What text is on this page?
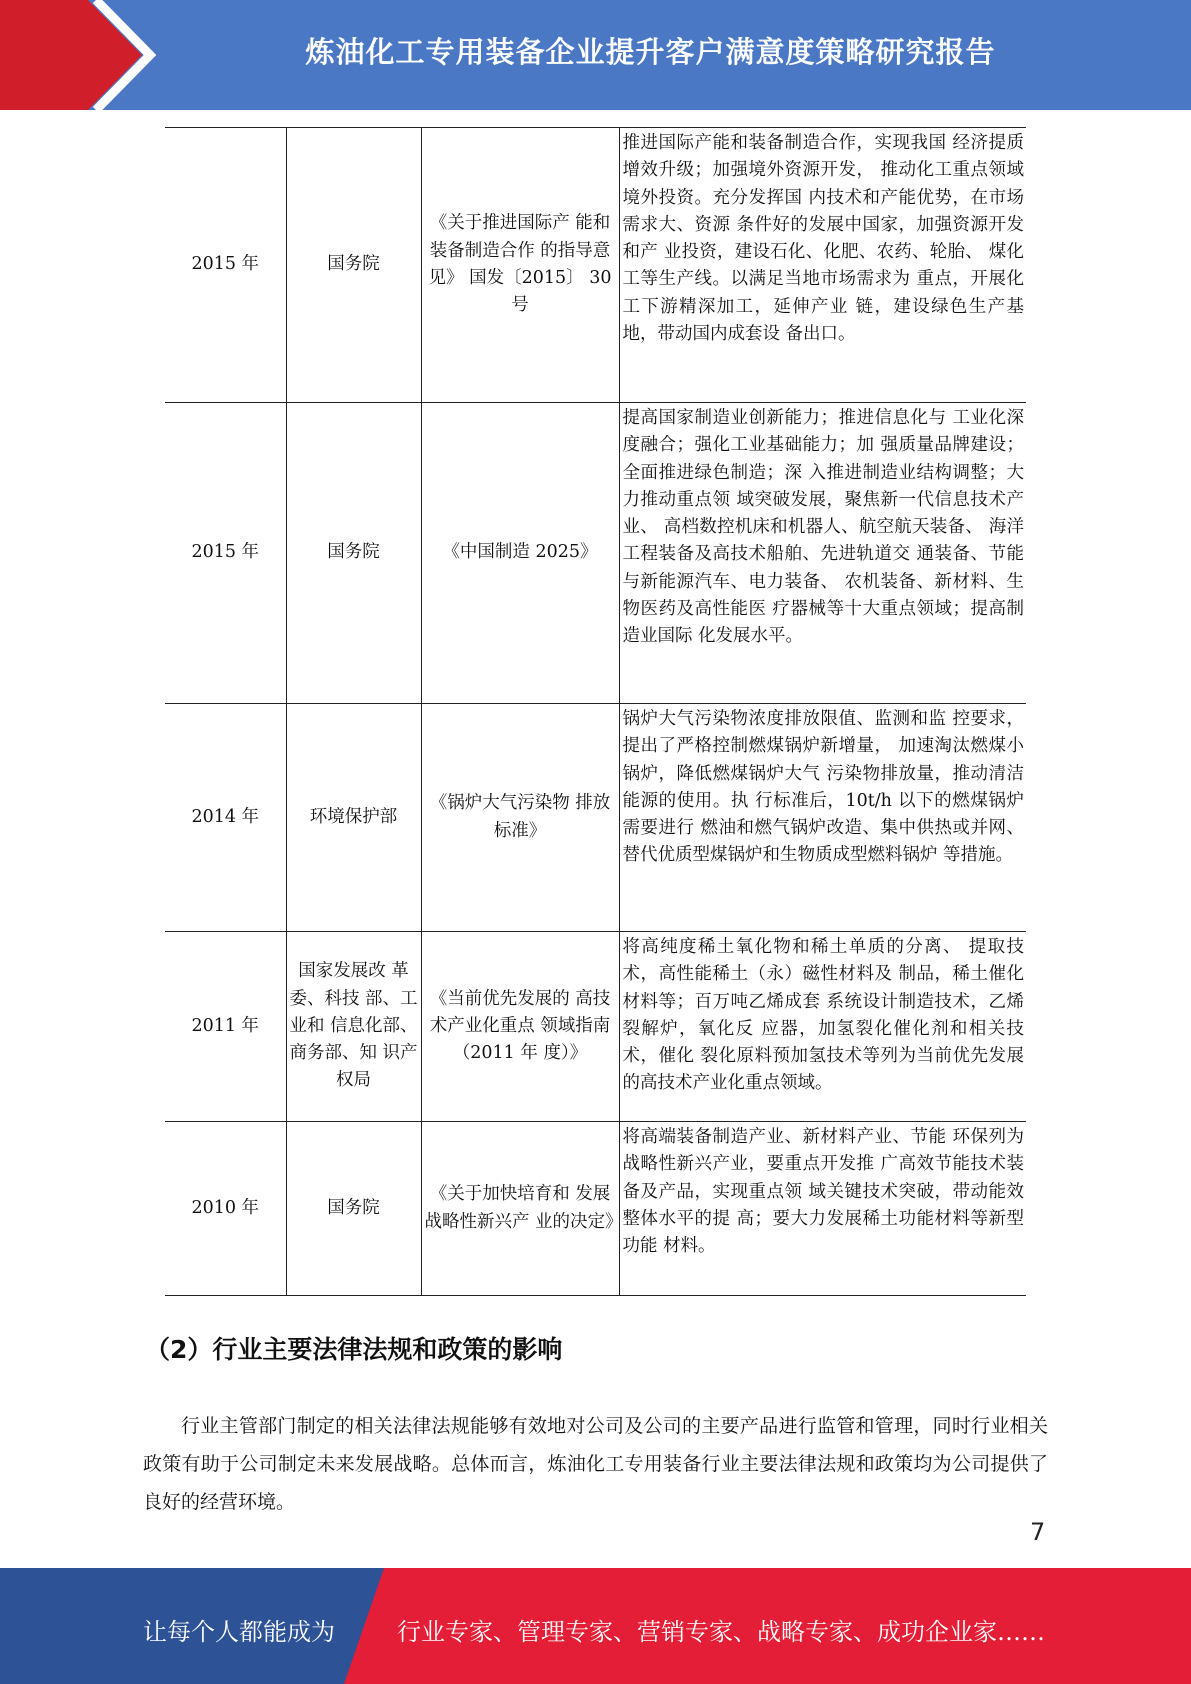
炼油化工专用装备企业提升客户满意度策略研究报告
2015 年	国务院	《关于推进国际产 能和装备制造合作 的指导意见》 国发〔2015〕 30 号	推进国际产能和装备制造合作，实现我国 经济提质增效升级；加强境外资源开发， 推动化工重点领域境外投资。充分发挥国 内技术和产能优势，在市场需求大、资源 条件好的发展中国家，加强资源开发和产 业投资，建设石化、化肥、农药、轮胎、 煤化工等生产线。以满足当地市场需求为 重点，开展化工下游精深加工，延伸产业 链，建设绿色生产基地，带动国内成套设 备出口。
2015 年	国务院	《中国制造 2025》	提高国家制造业创新能力；推进信息化与 工业化深度融合；强化工业基础能力；加 强质量品牌建设；全面推进绿色制造；深 入推进制造业结构调整；大力推动重点领 域突破发展，聚焦新一代信息技术产业、 高档数控机床和机器人、航空航天装备、 海洋工程装备及高技术船舶、先进轨道交 通装备、节能与新能源汽车、电力装备、 农机装备、新材料、生物医药及高性能医 疗器械等十大重点领域；提高制造业国际 化发展水平。
2014 年	环境保护部	《锅炉大气污染物 排放标准》	锅炉大气污染物浓度排放限值、监测和监 控要求，提出了严格控制燃煤锅炉新增量， 加速淘汰燃煤小锅炉，降低燃煤锅炉大气 污染物排放量，推动清洁能源的使用。执 行标准后，10t/h 以下的燃煤锅炉需要进行 燃油和燃气锅炉改造、集中供热或并网、 替代优质型煤锅炉和生物质成型燃料锅炉 等措施。
2011 年	国家发展改 革委、科技 部、工业和 信息化部、 商务部、知 识产权局	《当前优先发展的 高技术产业化重点 领域指南（2011 年 度）》	将高纯度稀土氧化物和稀土单质的分离、 提取技术，高性能稀土（永）磁性材料及 制品，稀土催化材料等；百万吨乙烯成套 系统设计制造技术，乙烯裂解炉，氧化反 应器，加氢裂化催化剂和相关技术，催化 裂化原料预加氢技术等列为当前优先发展 的高技术产业化重点领域。
2010 年	国务院	《关于加快培育和 发展战略性新兴产 业的决定》	将高端装备制造产业、新材料产业、节能 环保列为战略性新兴产业，要重点开发推 广高效节能技术装备及产品，实现重点领 域关键技术突破，带动能效整体水平的提 高；要大力发展稀土功能材料等新型功能 材料。
（2）行业主要法律法规和政策的影响
行业主管部门制定的相关法律法规能够有效地对公司及公司的主要产品进行监管和管理，同时行业相关政策有助于公司制定未来发展战略。总体而言，炼油化工专用装备行业主要法律法规和政策均为公司提供了良好的经营环境。
7
让每个人都能成为	行业专家、管理专家、营销专家、战略专家、成功企业家……
